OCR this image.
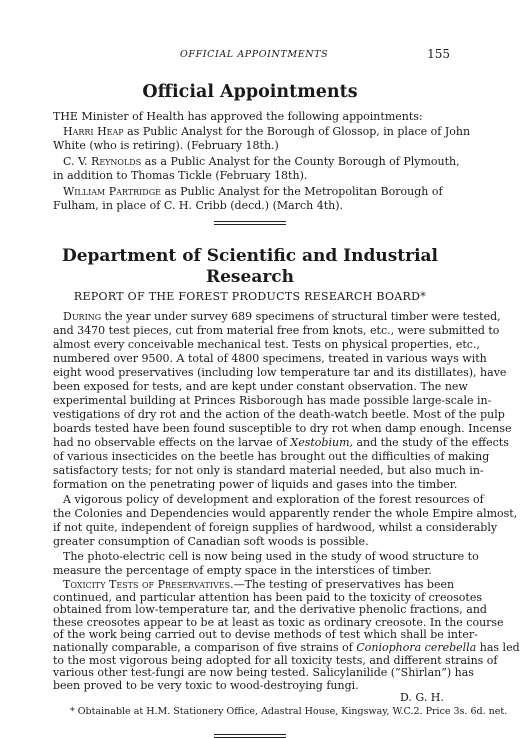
OFFICIAL APPOINTMENTS	155
Official Appointments
THE Minister of Health has approved the following appointments:
Harri Heap as Public Analyst for the Borough of Glossop, in place of John
White (who is retiring). (February 18th.)
C. V. Reynolds as a Public Analyst for the County Borough of Plymouth,
in addition to Thomas Tickle (February 18th).
William Partridge as Public Analyst for the Metropolitan Borough of
Fulham, in place of C. H. Cribb (decd.) (March 4th).
Department of Scientific and Industrial
Research
REPORT OF THE FOREST PRODUCTS RESEARCH BOARD*
During the year under survey 689 specimens of structural timber were tested,
and 3470 test pieces, cut from material free from knots, etc., were submitted to
almost every conceivable mechanical test. Tests on physical properties, etc.,
numbered over 9500. A total of 4800 specimens, treated in various ways with
eight wood preservatives (including low temperature tar and its distillates), have
been exposed for tests, and are kept under constant observation. The new
experimental building at Princes Risborough has made possible large-scale in-
vestigations of dry rot and the action of the death-watch beetle. Most of the pulp
boards tested have been found susceptible to dry rot when damp enough. Incense
had no observable effects on the larvae of Xestobium, and the study of the effects
of various insecticides on the beetle has brought out the difficulties of making
satisfactory tests; for not only is standard material needed, but also much in-
formation on the penetrating power of liquids and gases into the timber.
A vigorous policy of development and exploration of the forest resources of
the Colonies and Dependencies would apparently render the whole Empire almost,
if not quite, independent of foreign supplies of hardwood, whilst a considerably
greater consumption of Canadian soft woods is possible.
The photo-electric cell is now being used in the study of wood structure to
measure the percentage of empty space in the interstices of timber.
Toxicity Tests of Preservatives.—The testing of preservatives has been
continued, and particular attention has been paid to the toxicity of creosotes
obtained from low-temperature tar, and the derivative phenolic fractions, and
these creosotes appear to be at least as toxic as ordinary creosote. In the course
of the work being carried out to devise methods of test which shall be inter-
nationally comparable, a comparison of five strains of Coniophora cerebella has led
to the most vigorous being adopted for all toxicity tests, and different strains of
various other test-fungi are now being tested. Salicylanilide (“Shirlan”) has
been proved to be very toxic to wood-destroying fungi.
D. G. H.
* Obtainable at H.M. Stationery Office, Adastral House, Kingsway, W.C.2. Price 3s. 6d. net.
